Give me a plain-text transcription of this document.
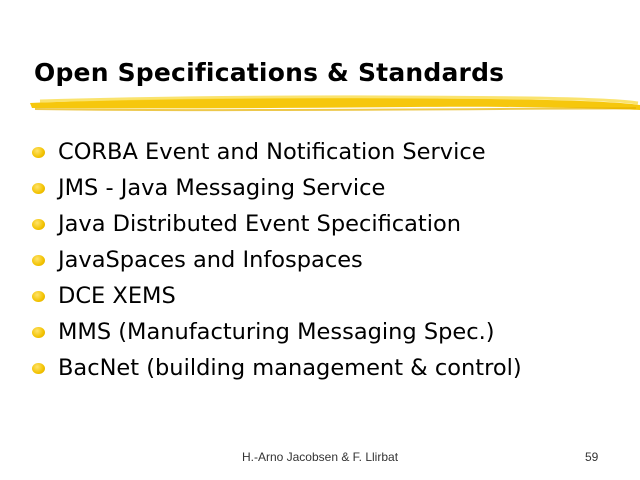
Open Specifications & Standards
CORBA Event and Notification Service
JMS - Java Messaging Service
Java Distributed Event Specification
JavaSpaces and Infospaces
DCE XEMS
MMS (Manufacturing Messaging Spec.)
BacNet (building management & control)
H.-Arno Jacobsen & F. Llirbat	59
